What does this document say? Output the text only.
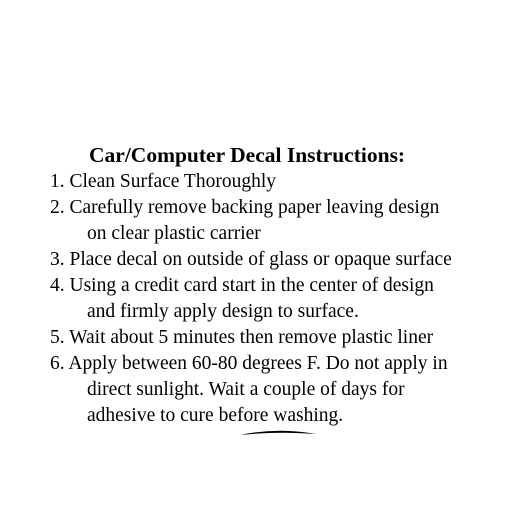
Car/Computer Decal Instructions:
1. Clean Surface Thoroughly
2. Carefully remove backing paper leaving design
on clear plastic carrier
3. Place decal on outside of glass or opaque surface
4. Using a credit card start in the center of design
and firmly apply design to surface.
5. Wait about 5 minutes then remove plastic liner
6. Apply between 60-80 degrees F. Do not apply in
direct sunlight. Wait a couple of days for
adhesive to cure before washing.
